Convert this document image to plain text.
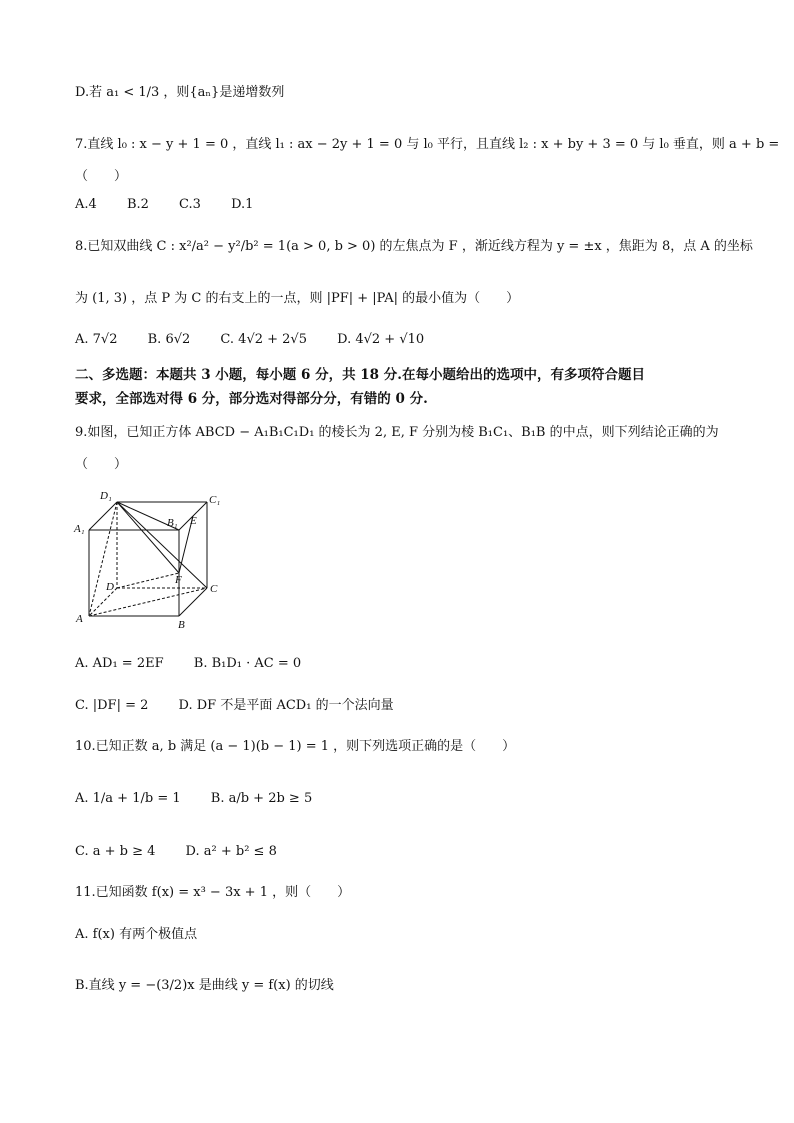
D.若 a₁ < 1/3 ，则{aₙ}是递增数列
7.直线 l₀ : x − y + 1 = 0 ，直线 l₁ : ax − 2y + 1 = 0 与 l₀ 平行，且直线 l₂ : x + by + 3 = 0 与 l₀ 垂直，则 a + b =
（　　）
A.4 B.2 C.3 D.1
8.已知双曲线 C : x²/a² − y²/b² = 1(a > 0, b > 0) 的左焦点为 F ，渐近线方程为 y = ±x ，焦距为 8，点 A 的坐标
为 (1, 3) ，点 P 为 C 的右支上的一点，则 |PF| + |PA| 的最小值为（　　）
A. 7√2 B. 6√2 C. 4√2 + 2√5 D. 4√2 + √10
二、多选题：本题共 3 小题，每小题 6 分，共 18 分.在每小题给出的选项中，有多项符合题目
要求，全部选对得 6 分，部分选对得部分分，有错的 0 分.
9.如图，已知正方体 ABCD − A₁B₁C₁D₁ 的棱长为 2, E, F 分别为棱 B₁C₁、B₁B 的中点，则下列结论正确的为
（　　）
D₁	C₁
A₁	B₁ E
D
F
C
A	B
A. AD₁ = 2EF B. B₁D₁ · AC = 0
C. |DF| = 2 D. DF 不是平面 ACD₁ 的一个法向量
10.已知正数 a, b 满足 (a − 1)(b − 1) = 1 ，则下列选项正确的是（　　）
A. 1/a + 1/b = 1 B. a/b + 2b ≥ 5
C. a + b ≥ 4 D. a² + b² ≤ 8
11.已知函数 f(x) = x³ − 3x + 1 ，则（　　）
A. f(x) 有两个极值点
B.直线 y = −(3/2)x 是曲线 y = f(x) 的切线
